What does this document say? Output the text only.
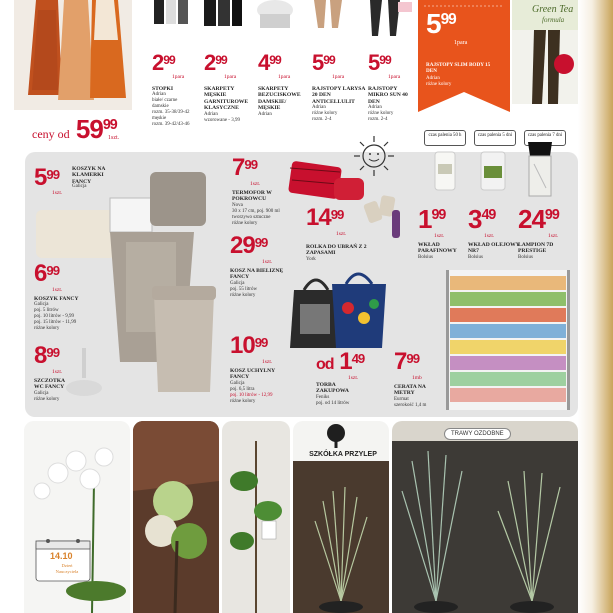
ceny od $59^{99}$
1szt.
$2^{99}$
1para
STOPKI
Adrian
białe/ czarne
damskie
rozm. 35-38/39-42
męskie
rozm. 39-42/43-46
$2^{99}$
1para
SKARPETY MĘSKIE GARNITUROWE KLASYCZNE
Adrian
wzorowane - 3,99
$4^{99}$
1para
SKARPETY BEZUCISKOWE DAMSKIE/ MĘSKIE
Adrian
$5^{99}$
1para
RAJSTOPY LARYSA 20 DEN ANTICELLULIT
Adrian
różne kolory
rozm. 2-4
$5^{99}$
1para
RAJSTOPY MIKRO SUN 40 DEN
Adrian
różne kolory
rozm. 2-4
$5^{99}$
1para
RAJSTOPY SLIM BODY 15 DEN
Adrian
różne kolory
Green Tea
formula
$5^{99}$
1szt.
KOSZYK NA KLAMERKI FANCY
Galicja
$6^{99}$
1szt.
KOSZYK FANCY
Galicja
poj. 5 litrów
poj. 10 litrów - 9,99
poj. 15 litrów - 11,99
różne kolory
$8^{99}$
1szt.
SZCZOTKA WC FANCY
Galicja
różne kolory
$7^{99}$
1szt.
TERMOFOR W POKROWCU
Nova
30 x 17 cm, poj. 900 ml
tworzywo sztuczne
różne kolory
$29^{99}$
1szt.
KOSZ NA BIELIZNĘ FANCY
Galicja
poj. 55 litrów
różne kolory
$10^{99}$
1szt.
KOSZ UCHYLNY FANCY
Galicja
poj. 6,5 litra
poj. 10 litrów - 12,99
różne kolory
$14^{99}$
1szt.
ROLKA DO UBRAŃ Z 2 ZAPASAMI
York
od $1^{49}$
1szt.
TORBA ZAKUPOWA
Feniks
poj. od 14 litrów
czas palenia 50 h	czas palenia 5 dni	czas palenia 7 dni
$1^{99}$
1szt.
WKŁAD PARAFINOWY
Bolsius
$3^{49}$
1szt.
WKŁAD OLEJOWY NR7
Bolsius
$24^{99}$
1szt.
LAMPION 7D PRESTIGE
Bolsius
$7^{99}$
1mb
CERATA NA METRY
Eurmat
szerokość 1,4 m
14.10
Dzień Nauczyciela
SZKÓŁKA PRZYLEP
TRAWY OZDOBNE
